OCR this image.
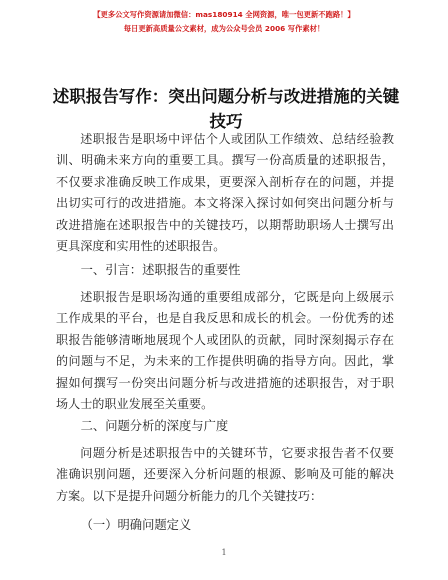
【更多公文写作资源请加微信：mas180914 全网资源，唯一包更新不跑路！】
每日更新高质量公文素材，成为公众号会员 2006 写作素材！
述职报告写作：突出问题分析与改进措施的关键技巧

述职报告是职场中评估个人或团队工作绩效、总结经验教训、明确未来方向的重要工具。撰写一份高质量的述职报告，不仅要求准确反映工作成果，更要深入剖析存在的问题，并提出切实可行的改进措施。本文将深入探讨如何突出问题分析与改进措施在述职报告中的关键技巧，以期帮助职场人士撰写出更具深度和实用性的述职报告。

一、引言：述职报告的重要性

述职报告是职场沟通的重要组成部分，它既是向上级展示工作成果的平台，也是自我反思和成长的机会。一份优秀的述职报告能够清晰地展现个人或团队的贡献，同时深刻揭示存在的问题与不足，为未来的工作提供明确的指导方向。因此，掌握如何撰写一份突出问题分析与改进措施的述职报告，对于职场人士的职业发展至关重要。

二、问题分析的深度与广度

问题分析是述职报告中的关键环节，它要求报告者不仅要准确识别问题，还要深入分析问题的根源、影响及可能的解决方案。以下是提升问题分析能力的几个关键技巧：

（一）明确问题定义
1
